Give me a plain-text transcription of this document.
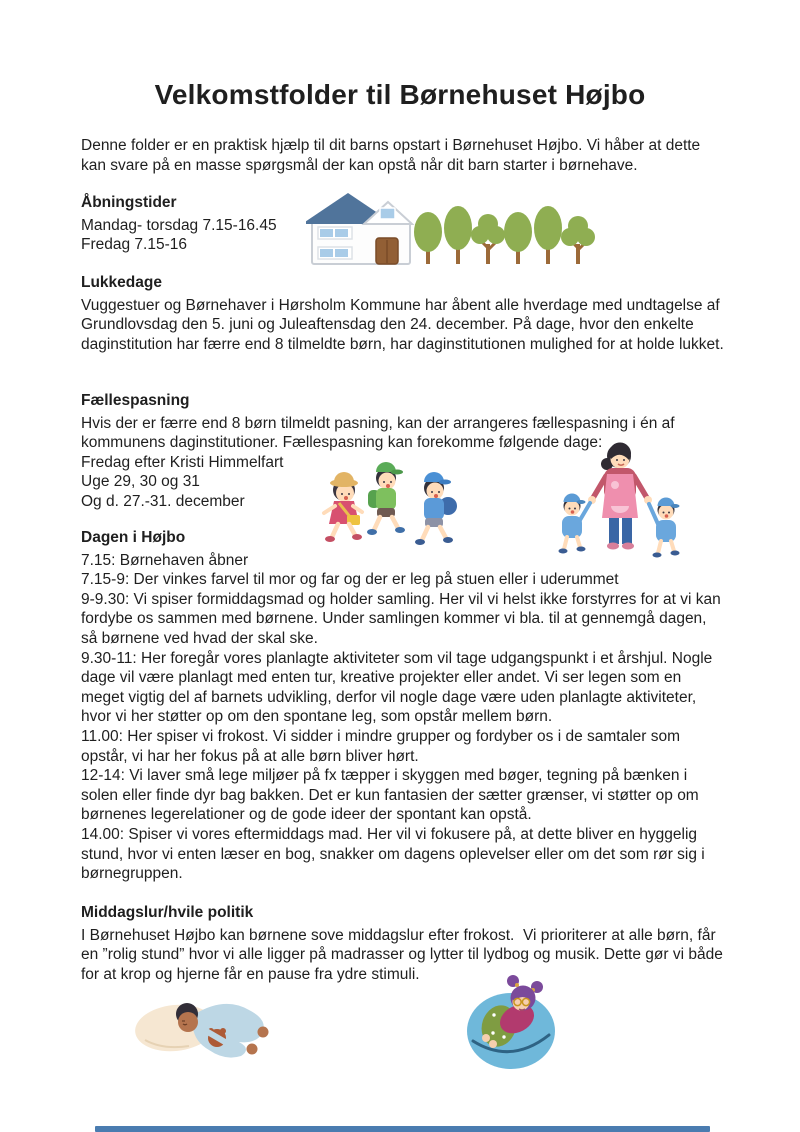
Velkomstfolder til Børnehuset Højbo

Denne folder er en praktisk hjælp til dit barns opstart i Børnehuset Højbo. Vi håber at dette kan svare på en masse spørgsmål der kan opstå når dit barn starter i børnehave.

Åbningstider

Mandag- torsdag 7.15-16.45

Fredag 7.15-16

Lukkedage

Vuggestuer og Børnehaver i Hørsholm Kommune har åbent alle hverdage med undtagelse af Grundlovsdag den 5. juni og Juleaftensdag den 24. december. På dage, hvor den enkelte daginstitution har færre end 8 tilmeldte børn, har daginstitutionen mulighed for at holde lukket.

Fællespasning

Hvis der er færre end 8 børn tilmeldt pasning, kan der arrangeres fællespasning i én af kommunens daginstitutioner. Fællespasning kan forekomme følgende dage:

Fredag efter Kristi Himmelfart

Uge 29, 30 og 31

Og d. 27.-31. december

Dagen i Højbo

7.15: Børnehaven åbner

7.15-9: Der vinkes farvel til mor og far og der er leg på stuen eller i uderummet

9-9.30: Vi spiser formiddagsmad og holder samling. Her vil vi helst ikke forstyrres for at vi kan fordybe os sammen med børnene. Under samlingen kommer vi bla. til at gennemgå dagen, så børnene ved hvad der skal ske.

9.30-11: Her foregår vores planlagte aktiviteter som vil tage udgangspunkt i et årshjul. Nogle dage vil være planlagt med enten tur, kreative projekter eller andet. Vi ser legen som en meget vigtig del af barnets udvikling, derfor vil nogle dage være uden planlagte aktiviteter, hvor vi her støtter op om den spontane leg, som opstår mellem børn.

11.00: Her spiser vi frokost. Vi sidder i mindre grupper og fordyber os i de samtaler som opstår, vi har her fokus på at alle børn bliver hørt.

12-14: Vi laver små lege miljøer på fx tæpper i skyggen med bøger, tegning på bænken i solen eller finde dyr bag bakken. Det er kun fantasien der sætter grænser, vi støtter op om børnenes legerelationer og de gode ideer der spontant kan opstå.

14.00: Spiser vi vores eftermiddags mad. Her vil vi fokusere på, at dette bliver en hyggelig stund, hvor vi enten læser en bog, snakker om dagens oplevelser eller om det som rør sig i børnegruppen.

Middagslur/hvile politik

I Børnehuset Højbo kan børnene sove middagslur efter frokost.  Vi prioriterer at alle børn, får en ”rolig stund” hvor vi alle ligger på madrasser og lytter til lydbog og musik. Dette gør vi både for at krop og hjerne får en pause fra ydre stimuli.
